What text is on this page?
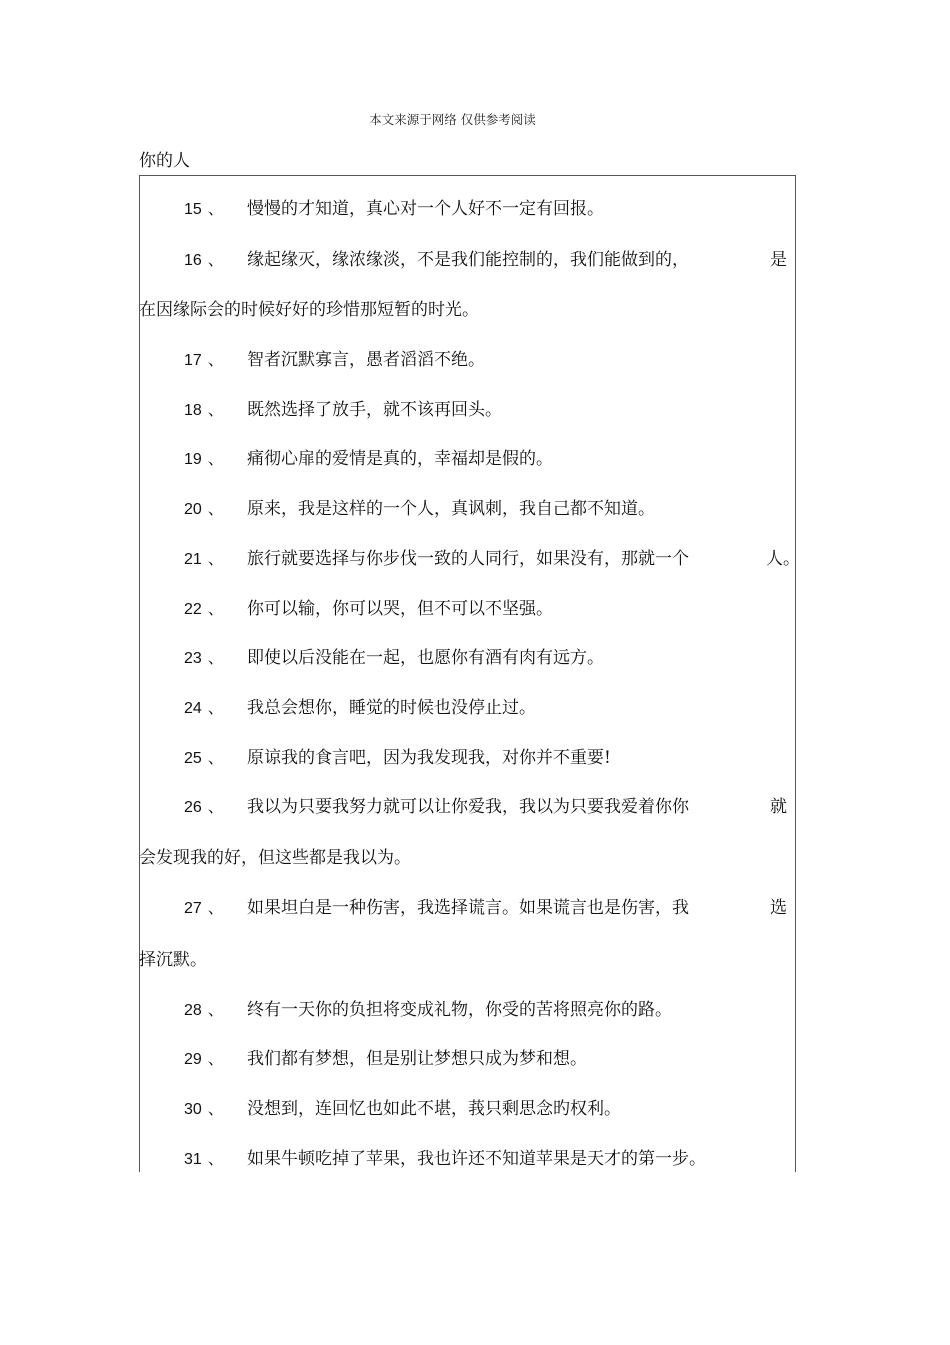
本文来源于网络 仅供参考阅读
你的人
15 、	慢慢的才知道，真心对一个人好不一定有回报。
16 、	缘起缘灭，缘浓缘淡，不是我们能控制的，我们能做到的，	是
在因缘际会的时候好好的珍惜那短暂的时光。
17 、	智者沉默寡言，愚者滔滔不绝。
18 、	既然选择了放手，就不该再回头。
19 、	痛彻心扉的爱情是真的，幸福却是假的。
20 、	原来，我是这样的一个人，真讽刺，我自己都不知道。
21 、	旅行就要选择与你步伐一致的人同行，如果没有，那就一个	人。
22 、	你可以输，你可以哭，但不可以不坚强。
23 、	即使以后没能在一起，也愿你有酒有肉有远方。
24 、	我总会想你，睡觉的时候也没停止过。
25 、	原谅我的食言吧，因为我发现我，对你并不重要!
26 、	我以为只要我努力就可以让你爱我，我以为只要我爱着你你	就
会发现我的好，但这些都是我以为。
27 、	如果坦白是一种伤害，我选择谎言。如果谎言也是伤害，我	选
择沉默。
28 、	终有一天你的负担将变成礼物，你受的苦将照亮你的路。
29 、	我们都有梦想，但是别让梦想只成为梦和想。
30 、	没想到，连回忆也如此不堪，莪只剩思念旳权利。
31 、	如果牛顿吃掉了苹果，我也许还不知道苹果是天才的第一步。
